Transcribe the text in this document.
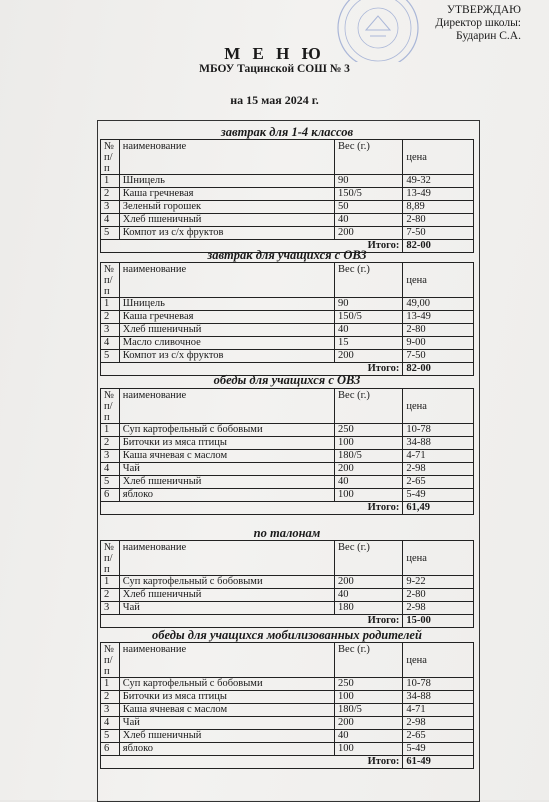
УТВЕРЖДАЮ
Директор школы:
Бударин С.А.
М Е Н Ю
МБОУ Тацинской СОШ № 3
на 15 мая 2024 г.
завтрак для 1-4 классов
№ п/п	наименование	Вес (г.)	цена
1	Шницель	90	49-32
2	Каша гречневая	150/5	13-49
3	Зеленый горошек	50	8,89
4	Хлеб пшеничный	40	2-80
5	Компот из с/х фруктов	200	7-50
Итого:			82-00
завтрак для учащихся с ОВЗ
№ п/п	наименование	Вес (г.)	цена
1	Шницель	90	49,00
2	Каша гречневая	150/5	13-49
3	Хлеб пшеничный	40	2-80
4	Масло сливочное	15	9-00
5	Компот из с/х фруктов	200	7-50
Итого:			82-00
обеды для учащихся с ОВЗ
№ п/п	наименование	Вес (г.)	цена
1	Суп картофельный с бобовыми	250	10-78
2	Биточки из мяса птицы	100	34-88
3	Каша ячневая с маслом	180/5	4-71
4	Чай	200	2-98
5	Хлеб пшеничный	40	2-65
6	яблоко	100	5-49
Итого:			61,49
по талонам
№ п/п	наименование	Вес (г.)	цена
1	Суп картофельный с бобовыми	200	9-22
2	Хлеб пшеничный	40	2-80
3	Чай	180	2-98
Итого:			15-00
обеды для учащихся мобилизованных родителей
№ п/п	наименование	Вес (г.)	цена
1	Суп картофельный с бобовыми	250	10-78
2	Биточки из мяса птицы	100	34-88
3	Каша ячневая с маслом	180/5	4-71
4	Чай	200	2-98
5	Хлеб пшеничный	40	2-65
6	яблоко	100	5-49
Итого:			61-49
